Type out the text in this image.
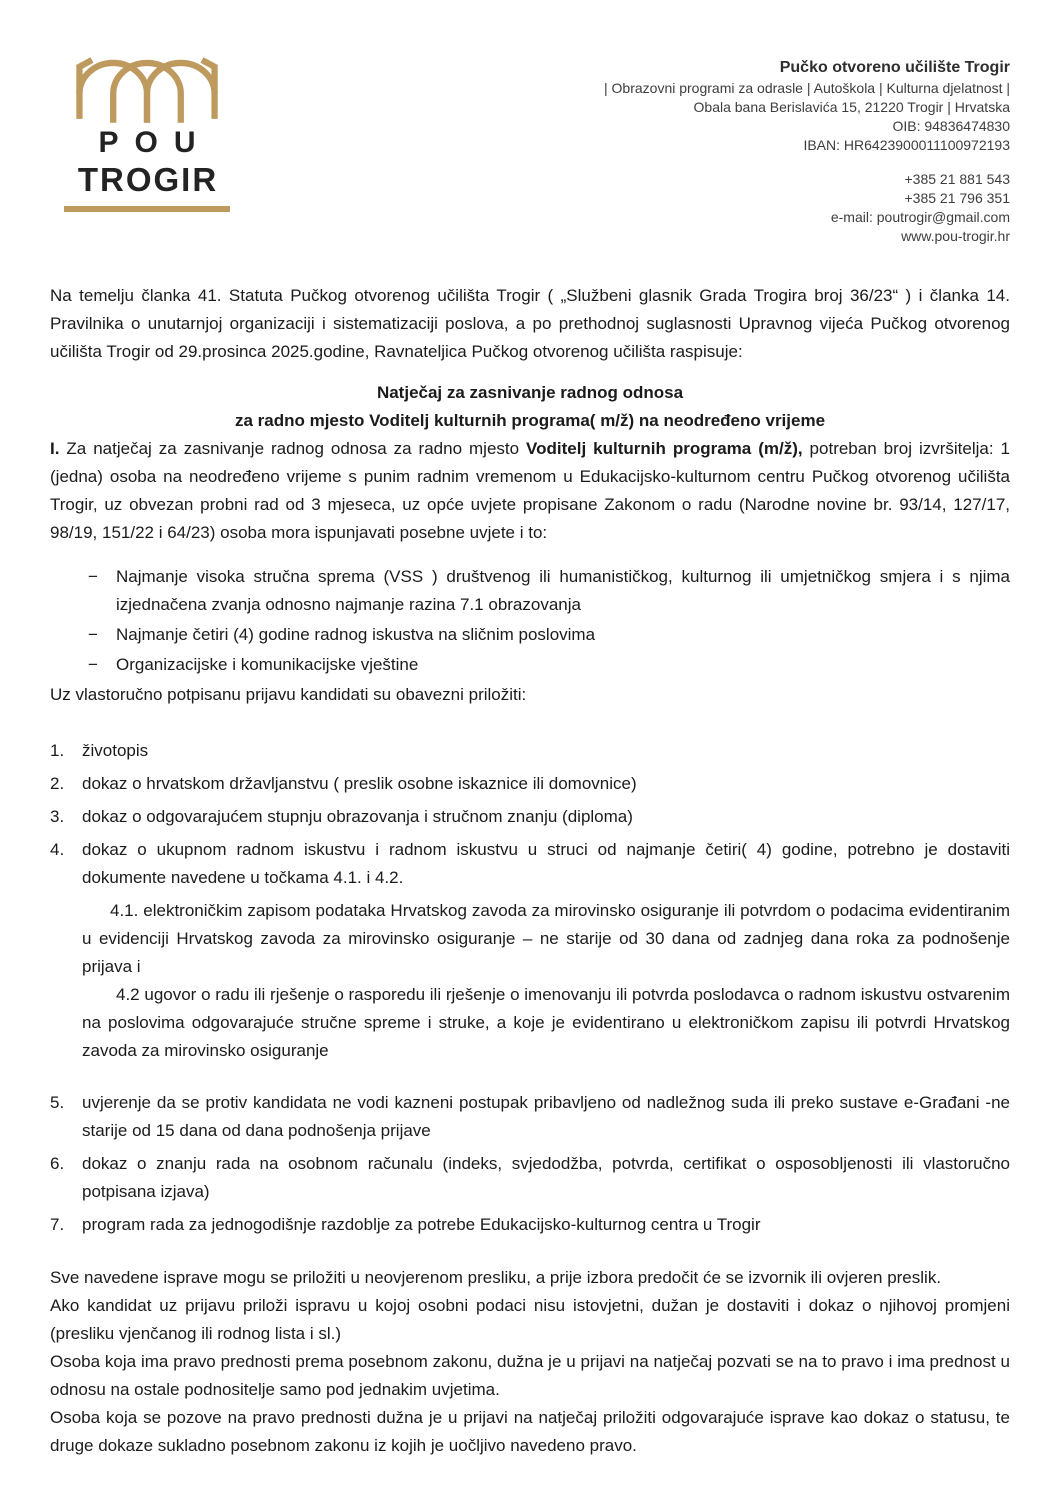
POU
TROGIR
Pučko otvoreno učilište Trogir
| Obrazovni programi za odrasle | Autoškola | Kulturna djelatnost |
Obala bana Berislavića 15, 21220 Trogir | Hrvatska
OIB: 94836474830
IBAN: HR6423900011100972193
+385 21 881 543
+385 21 796 351
e-mail: poutrogir@gmail.com
www.pou-trogir.hr

Na temelju članka 41. Statuta Pučkog otvorenog učilišta Trogir ( „Službeni glasnik Grada Trogira broj 36/23“ ) i članka 14. Pravilnika o unutarnjoj organizaciji i sistematizaciji poslova, a po prethodnoj suglasnosti Upravnog vijeća Pučkog otvorenog učilišta Trogir od 29.prosinca 2025.godine, Ravnateljica Pučkog otvorenog učilišta raspisuje:

Natječaj za zasnivanje radnog odnosa
za radno mjesto Voditelj kulturnih programa( m/ž) na neodređeno vrijeme

I. Za natječaj za zasnivanje radnog odnosa za radno mjesto Voditelj kulturnih programa (m/ž), potreban broj izvršitelja: 1 (jedna) osoba na neodređeno vrijeme s punim radnim vremenom u Edukacijsko-kulturnom centru Pučkog otvorenog učilišta Trogir, uz obvezan probni rad od 3 mjeseca, uz opće uvjete propisane Zakonom o radu (Narodne novine br. 93/14, 127/17, 98/19, 151/22 i 64/23) osoba mora ispunjavati posebne uvjete i to:

−	Najmanje visoka stručna sprema (VSS ) društvenog ili humanističkog, kulturnog ili umjetničkog smjera i s njima izjednačena zvanja odnosno najmanje razina 7.1 obrazovanja
−	Najmanje četiri (4) godine radnog iskustva na sličnim poslovima
−	Organizacijske i komunikacijske vještine

Uz vlastoručno potpisanu prijavu kandidati su obavezni priložiti:

1.	životopis
2.	dokaz o hrvatskom državljanstvu ( preslik osobne iskaznice ili domovnice)
3.	dokaz o odgovarajućem stupnju obrazovanja i stručnom znanju (diploma)
4.	dokaz o ukupnom radnom iskustvu i radnom iskustvu u struci od najmanje četiri( 4) godine, potrebno je dostaviti dokumente navedene u točkama 4.1. i 4.2.

4.1. elektroničkim zapisom podataka Hrvatskog zavoda za mirovinsko osiguranje ili potvrdom o podacima evidentiranim u evidenciji Hrvatskog zavoda za mirovinsko osiguranje – ne starije od 30 dana od zadnjeg dana roka za podnošenje prijava i

4.2 ugovor o radu ili rješenje o rasporedu ili rješenje o imenovanju ili potvrda poslodavca o radnom iskustvu ostvarenim na poslovima odgovarajuće stručne spreme i struke, a koje je evidentirano u elektroničkom zapisu ili potvrdi Hrvatskog zavoda za mirovinsko osiguranje

5.	uvjerenje da se protiv kandidata ne vodi kazneni postupak pribavljeno od nadležnog suda ili preko sustave e-Građani -ne starije od 15 dana od dana podnošenja prijave
6.	dokaz o znanju rada na osobnom računalu (indeks, svjedodžba, potvrda, certifikat o osposobljenosti ili vlastoručno potpisana izjava)
7.	program rada za jednogodišnje razdoblje za potrebe Edukacijsko-kulturnog centra u Trogir

Sve navedene isprave mogu se priložiti u neovjerenom presliku, a prije izbora predočit će se izvornik ili ovjeren preslik.

Ako kandidat uz prijavu priloži ispravu u kojoj osobni podaci nisu istovjetni, dužan je dostaviti i dokaz o njihovoj promjeni (presliku vjenčanog ili rodnog lista i sl.)

Osoba koja ima pravo prednosti prema posebnom zakonu, dužna je u prijavi na natječaj pozvati se na to pravo i ima prednost u odnosu na ostale podnositelje samo pod jednakim uvjetima.

Osoba koja se pozove na pravo prednosti dužna je u prijavi na natječaj priložiti odgovarajuće isprave kao dokaz o statusu, te druge dokaze sukladno posebnom zakonu iz kojih je uočljivo navedeno pravo.
